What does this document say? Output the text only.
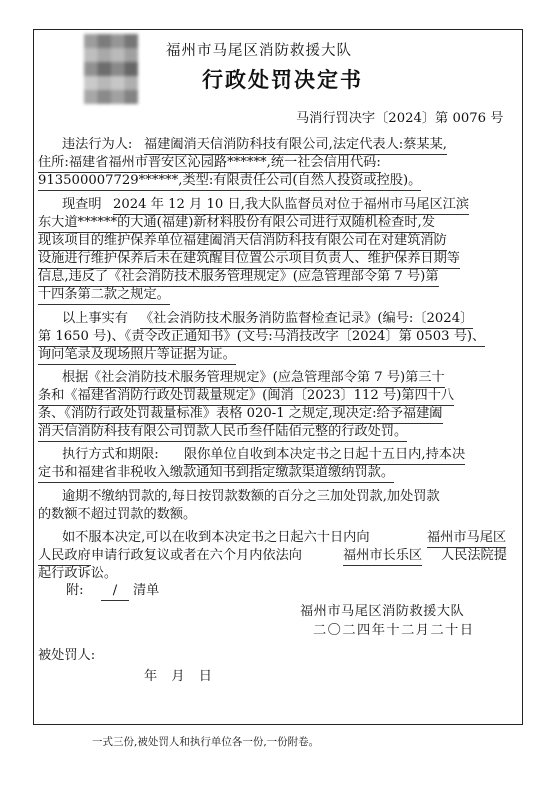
福州市马尾区消防救援大队
行政处罚决定书
马消行罚决字〔2024〕第 0076 号
违法行为人: 福建阖消天信消防科技有限公司,法定代表人:蔡某某,
住所:福建省福州市晋安区沁园路******,统一社会信用代码:
913500007729******,类型:有限责任公司(自然人投资或控股)。
现查明 2024 年 12 月 10 日,我大队监督员对位于福州市马尾区江滨
东大道******的大通(福建)新材料股份有限公司进行双随机检查时,发
现该项目的维护保养单位福建阖消天信消防科技有限公司在对建筑消防
设施进行维护保养后未在建筑醒目位置公示项目负责人、维护保养日期等
信息,违反了《社会消防技术服务管理规定》(应急管理部令第 7 号)第
十四条第二款之规定。
以上事实有 《社会消防技术服务消防监督检查记录》(编号:〔2024〕
第 1650 号)、《责令改正通知书》(文号:马消技改字〔2024〕第 0503 号)、
询问笔录及现场照片等证据为证。
根据 《社会消防技术服务管理规定》(应急管理部令第 7 号)第三十
条和《福建省消防行政处罚裁量规定》(闽消〔2023〕112 号)第四十八
条、《消防行政处罚裁量标准》表格 020-1 之规定,现决定:给予福建阖
消天信消防科技有限公司罚款人民币叁仟陆佰元整的行政处罚。
执行方式和期限: 限你单位自收到本决定书之日起十五日内,持本决
定书和福建省非税收入缴款通知书到指定缴款渠道缴纳罚款。
逾期不缴纳罚款的,每日按罚款数额的百分之三加处罚款,加处罚款
的数额不超过罚款的数额。
如不服本决定,可以在收到本决定书之日起六十日内向	福州市马尾区
人民政府 申请行政复议或者在六个月内依法向	福州市长乐区 人民法院提
起行政诉讼。
附:	/	清单
福州市马尾区消防救援大队
二〇二四年十二月二十日
被处罚人:
年 月 日
一式三份,被处罚人和执行单位各一份,一份附卷。
